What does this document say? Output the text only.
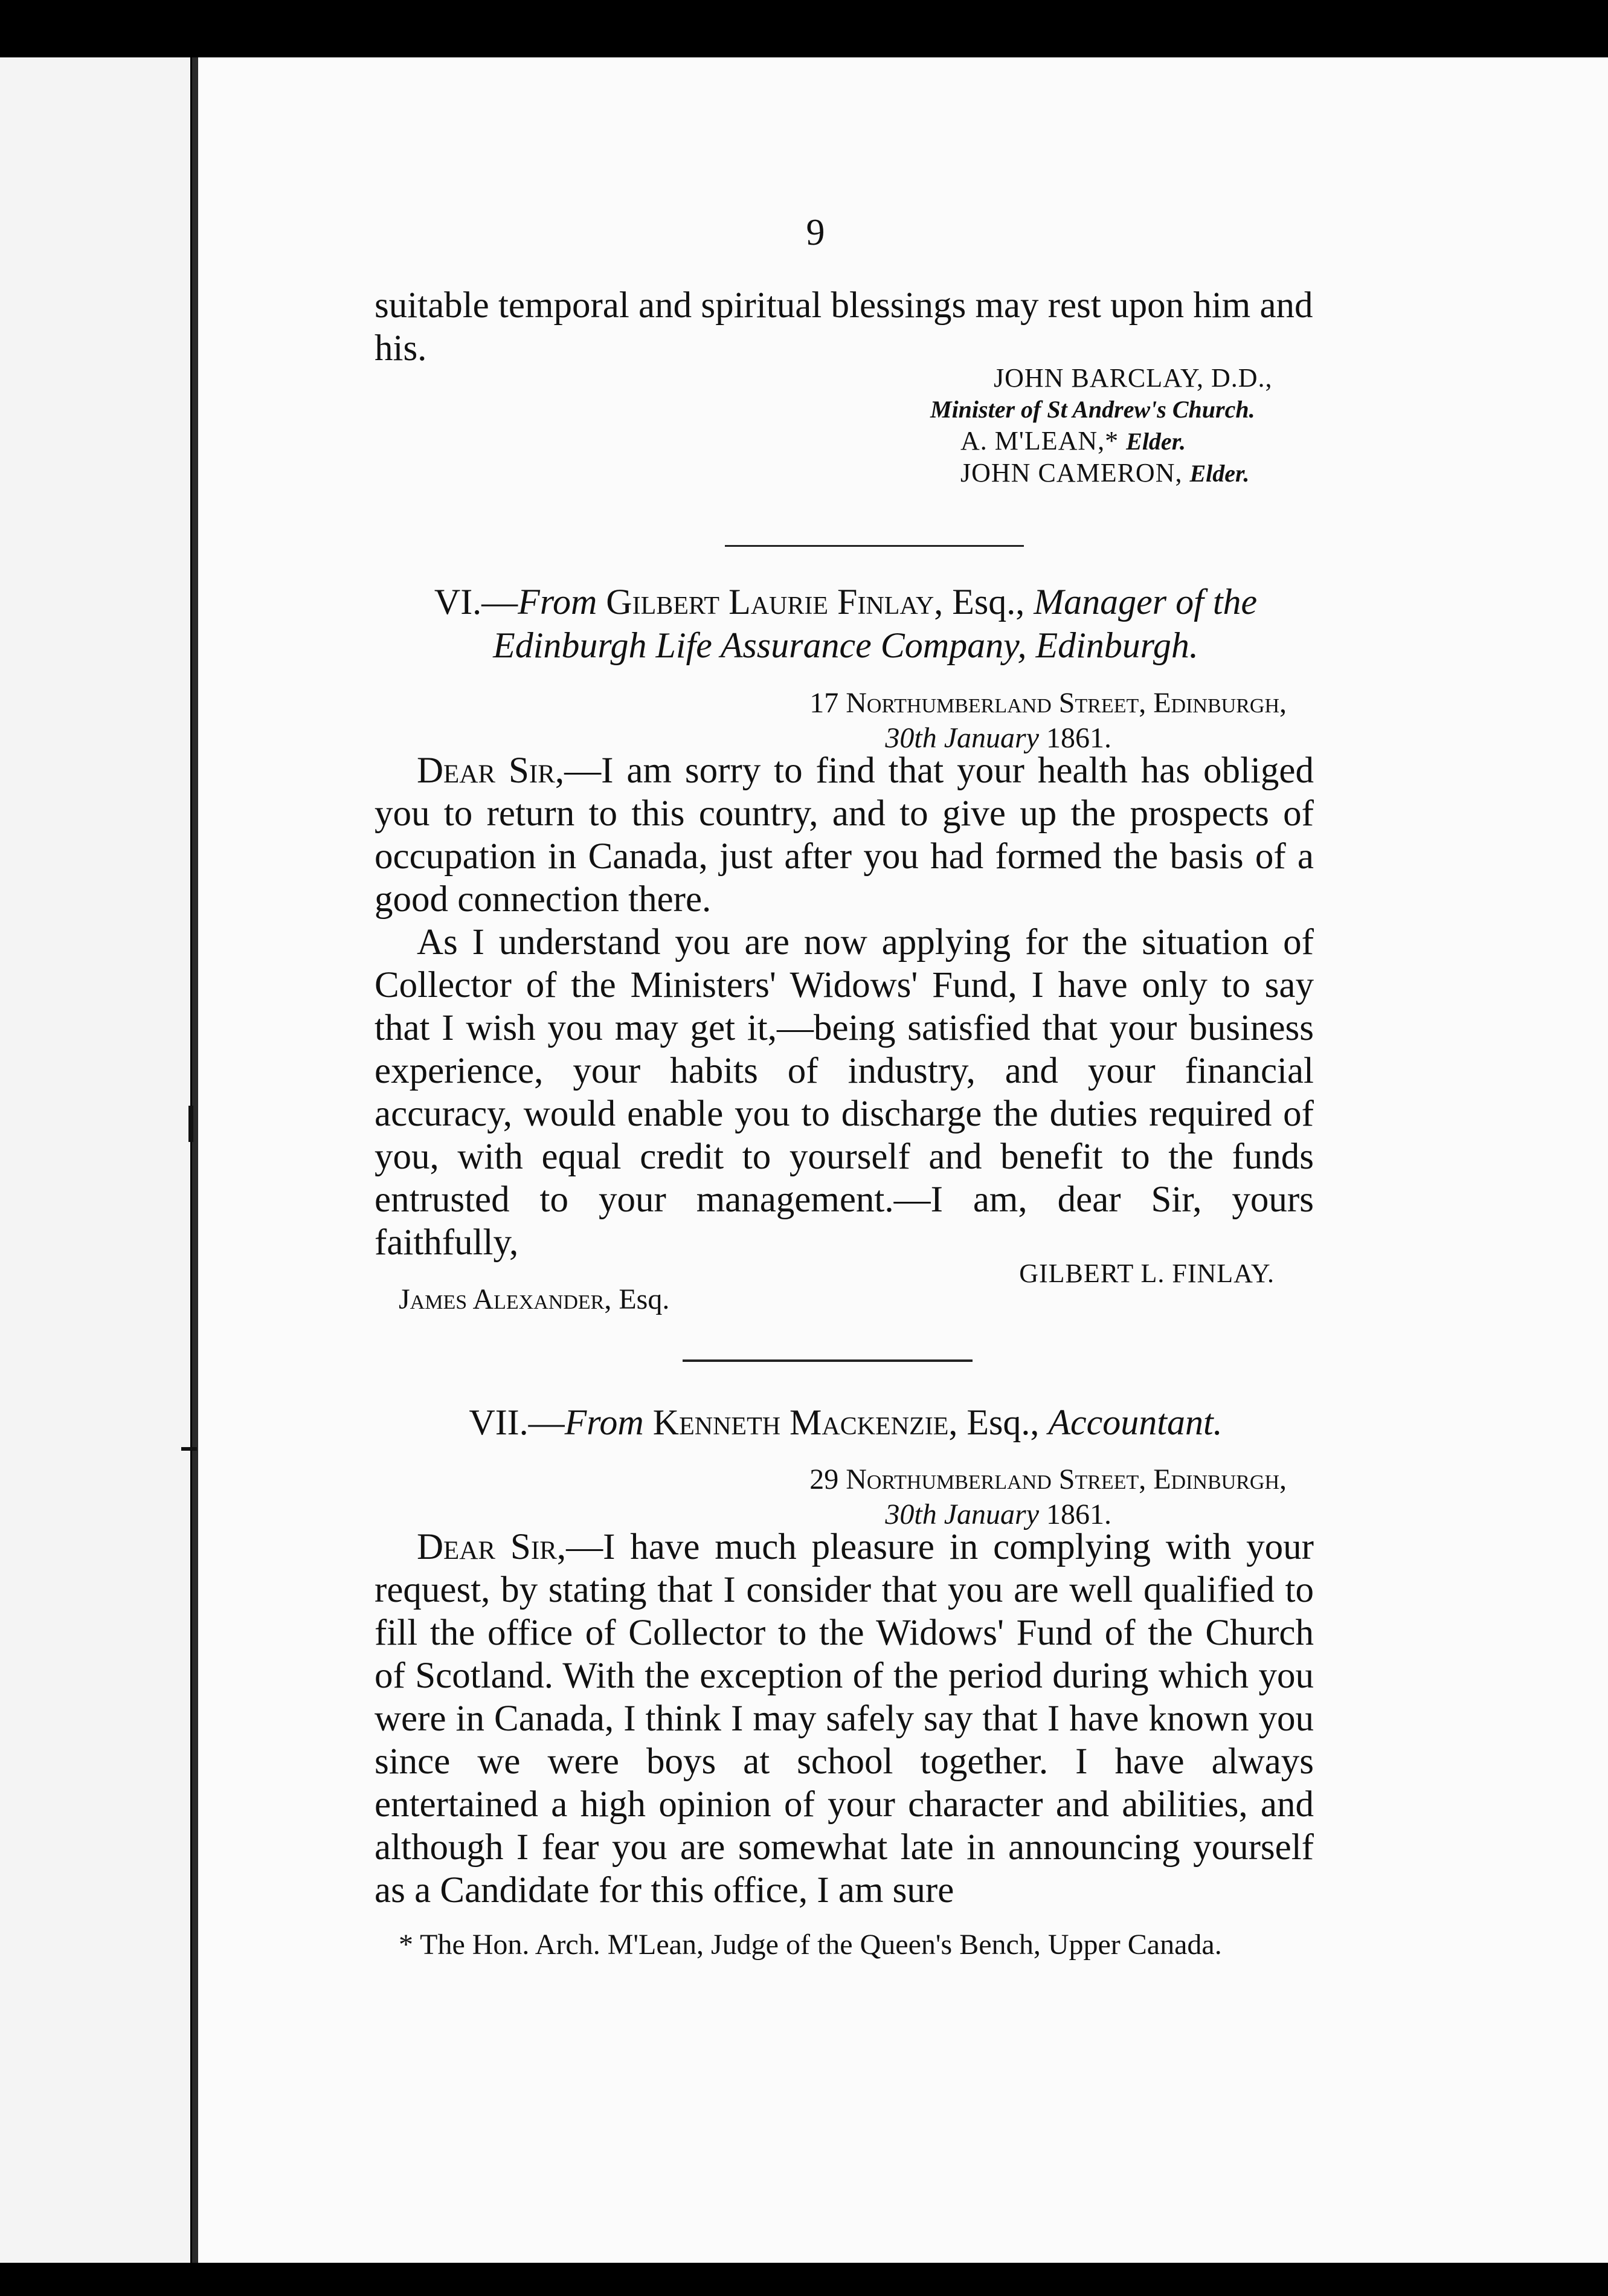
9

suitable temporal and spiritual blessings may rest upon him and his.

JOHN BARCLAY, D.D.,
Minister of St Andrew's Church.
A. M'LEAN,* Elder.
JOHN CAMERON, Elder.
VI.—From Gilbert Laurie Finlay, Esq., Manager of the Edinburgh Life Assurance Company, Edinburgh.
17 Northumberland Street, Edinburgh,
30th January 1861.

Dear Sir,—I am sorry to find that your health has obliged you to return to this country, and to give up the prospects of occupation in Canada, just after you had formed the basis of a good connection there.

As I understand you are now applying for the situation of Collector of the Ministers' Widows' Fund, I have only to say that I wish you may get it,—being satisfied that your business experience, your habits of industry, and your financial accuracy, would enable you to discharge the duties required of you, with equal credit to yourself and benefit to the funds entrusted to your management.—I am, dear Sir, yours faithfully,

GILBERT L. FINLAY.
James Alexander, Esq.
VII.—From Kenneth Mackenzie, Esq., Accountant.
29 Northumberland Street, Edinburgh,
30th January 1861.

Dear Sir,—I have much pleasure in complying with your request, by stating that I consider that you are well qualified to fill the office of Collector to the Widows' Fund of the Church of Scotland. With the exception of the period during which you were in Canada, I think I may safely say that I have known you since we were boys at school together. I have always entertained a high opinion of your character and abilities, and although I fear you are somewhat late in announcing yourself as a Candidate for this office, I am sure

* The Hon. Arch. M'Lean, Judge of the Queen's Bench, Upper Canada.
